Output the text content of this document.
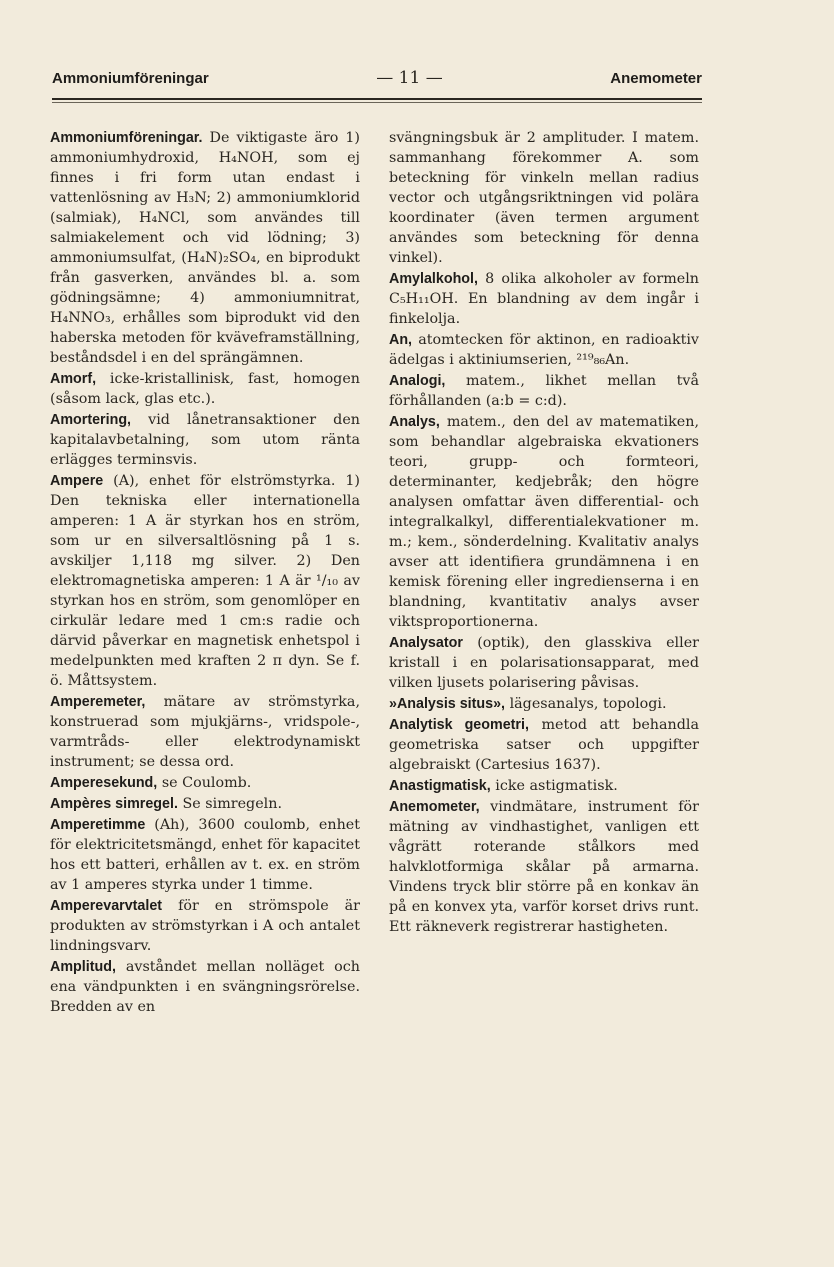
Ammoniumföreningar	— 11 —	Anemometer

Ammoniumföreningar. De viktigaste äro 1) ammoniumhydroxid, H₄NOH, som ej finnes i fri form utan endast i vattenlösning av H₃N; 2) ammoniumklorid (salmiak), H₄NCl, som användes till salmiakelement och vid lödning; 3) ammoniumsulfat, (H₄N)₂SO₄, en biprodukt från gasverken, användes bl. a. som gödningsämne; 4) ammoniumnitrat, H₄NNO₃, erhålles som biprodukt vid den haberska metoden för kväveframställning, beståndsdel i en del sprängämnen.

Amorf, icke-kristallinisk, fast, homogen (såsom lack, glas etc.).

Amortering, vid lånetransaktioner den kapitalavbetalning, som utom ränta erlägges terminsvis.

Ampere (A), enhet för elströmstyrka. 1) Den tekniska eller internationella amperen: 1 A är styrkan hos en ström, som ur en silversaltlösning på 1 s. avskiljer 1,118 mg silver. 2) Den elektromagnetiska amperen: 1 A är ¹/₁₀ av styrkan hos en ström, som genomlöper en cirkulär ledare med 1 cm:s radie och därvid påverkar en magnetisk enhetspol i medelpunkten med kraften 2 π dyn. Se f. ö. Måttsystem.

Amperemeter, mätare av strömstyrka, konstruerad som mjukjärns-, vridspole-, varmtråds- eller elektrodynamiskt instrument; se dessa ord.

Amperesekund, se Coulomb.

Ampères simregel. Se simregeln.

Amperetimme (Ah), 3600 coulomb, enhet för elektricitetsmängd, enhet för kapacitet hos ett batteri, erhållen av t. ex. en ström av 1 amperes styrka under 1 timme.

Amperevarvtalet för en strömspole är produkten av strömstyrkan i A och antalet lindningsvarv.

Amplitud, avståndet mellan nolläget och ena vändpunkten i en svängningsrörelse. Bredden av en

svängningsbuk är 2 amplituder. I matem. sammanhang förekommer A. som beteckning för vinkeln mellan radius vector och utgångsriktningen vid polära koordinater (även termen argument användes som beteckning för denna vinkel).

Amylalkohol, 8 olika alkoholer av formeln C₅H₁₁OH. En blandning av dem ingår i finkelolja.

An, atomtecken för aktinon, en radioaktiv ädelgas i aktiniumserien, ²¹⁹₈₆An.

Analogi, matem., likhet mellan två förhållanden (a:b = c:d).

Analys, matem., den del av matematiken, som behandlar algebraiska ekvationers teori, grupp- och formteori, determinanter, kedjebråk; den högre analysen omfattar även differential- och integralkalkyl, differentialekvationer m. m.; kem., sönderdelning. Kvalitativ analys avser att identifiera grundämnena i en kemisk förening eller ingredienserna i en blandning, kvantitativ analys avser viktsproportionerna.

Analysator (optik), den glasskiva eller kristall i en polarisationsapparat, med vilken ljusets polarisering påvisas.

»Analysis situs», lägesanalys, topologi.

Analytisk geometri, metod att behandla geometriska satser och uppgifter algebraiskt (Cartesius 1637).

Anastigmatisk, icke astigmatisk.

Anemometer, vindmätare, instrument för mätning av vindhastighet, vanligen ett vågrätt roterande stålkors med halvklotformiga skålar på armarna. Vindens tryck blir större på en konkav än på en konvex yta, varför korset drivs runt. Ett räkneverk registrerar hastigheten.
